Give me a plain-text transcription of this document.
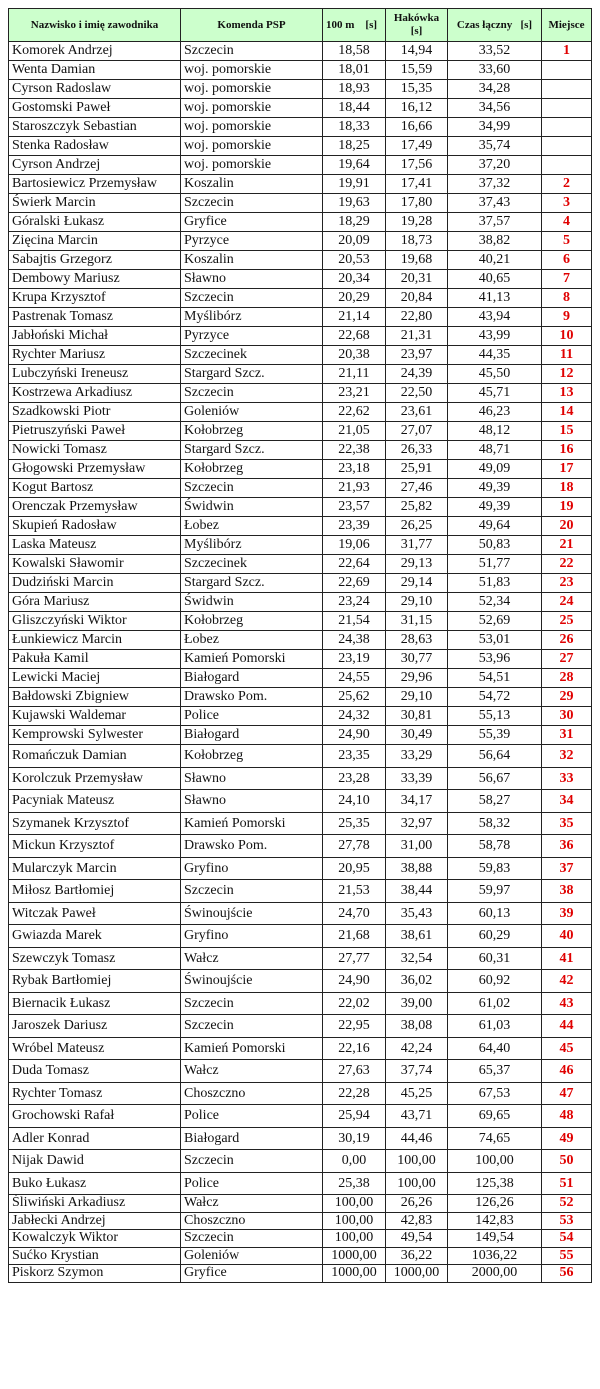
Nazwisko i imię zawodnika	Komenda PSP	100 m    [s]	Hakówka [s]	Czas łączny   [s]	Miejsce
Komorek Andrzej	Szczecin	18,58	14,94	33,52	1
Wenta Damian	woj. pomorskie	18,01	15,59	33,60	
Cyrson Radoslaw	woj. pomorskie	18,93	15,35	34,28	
Gostomski Paweł	woj. pomorskie	18,44	16,12	34,56	
Staroszczyk Sebastian	woj. pomorskie	18,33	16,66	34,99	
Stenka Radosław	woj. pomorskie	18,25	17,49	35,74	
Cyrson Andrzej	woj. pomorskie	19,64	17,56	37,20	
Bartosiewicz Przemysław	Koszalin	19,91	17,41	37,32	2
Świerk Marcin	Szczecin	19,63	17,80	37,43	3
Góralski Łukasz	Gryfice	18,29	19,28	37,57	4
Zięcina Marcin	Pyrzyce	20,09	18,73	38,82	5
Sabajtis Grzegorz	Koszalin	20,53	19,68	40,21	6
Dembowy Mariusz	Sławno	20,34	20,31	40,65	7
Krupa Krzysztof	Szczecin	20,29	20,84	41,13	8
Pastrenak Tomasz	Myślibórz	21,14	22,80	43,94	9
Jabłoński Michał	Pyrzyce	22,68	21,31	43,99	10
Rychter Mariusz	Szczecinek	20,38	23,97	44,35	11
Lubczyński Ireneusz	Stargard Szcz.	21,11	24,39	45,50	12
Kostrzewa Arkadiusz	Szczecin	23,21	22,50	45,71	13
Szadkowski Piotr	Goleniów	22,62	23,61	46,23	14
Pietruszyński Paweł	Kołobrzeg	21,05	27,07	48,12	15
Nowicki Tomasz	Stargard Szcz.	22,38	26,33	48,71	16
Głogowski Przemysław	Kołobrzeg	23,18	25,91	49,09	17
Kogut Bartosz	Szczecin	21,93	27,46	49,39	18
Orenczak Przemysław	Świdwin	23,57	25,82	49,39	19
Skupień Radosław	Łobez	23,39	26,25	49,64	20
Laska Mateusz	Myślibórz	19,06	31,77	50,83	21
Kowalski Sławomir	Szczecinek	22,64	29,13	51,77	22
Dudziński Marcin	Stargard Szcz.	22,69	29,14	51,83	23
Góra Mariusz	Świdwin	23,24	29,10	52,34	24
Gliszczyński Wiktor	Kołobrzeg	21,54	31,15	52,69	25
Łunkiewicz Marcin	Łobez	24,38	28,63	53,01	26
Pakuła Kamil	Kamień Pomorski	23,19	30,77	53,96	27
Lewicki Maciej	Białogard	24,55	29,96	54,51	28
Bałdowski Zbigniew	Drawsko Pom.	25,62	29,10	54,72	29
Kujawski Waldemar	Police	24,32	30,81	55,13	30
Kemprowski Sylwester	Białogard	24,90	30,49	55,39	31
Romańczuk Damian	Kołobrzeg	23,35	33,29	56,64	32
Korolczuk Przemysław	Sławno	23,28	33,39	56,67	33
Pacyniak Mateusz	Sławno	24,10	34,17	58,27	34
Szymanek Krzysztof	Kamień Pomorski	25,35	32,97	58,32	35
Mickun Krzysztof	Drawsko Pom.	27,78	31,00	58,78	36
Mularczyk Marcin	Gryfino	20,95	38,88	59,83	37
Miłosz Bartłomiej	Szczecin	21,53	38,44	59,97	38
Witczak Paweł	Świnoujście	24,70	35,43	60,13	39
Gwiazda Marek	Gryfino	21,68	38,61	60,29	40
Szewczyk Tomasz	Wałcz	27,77	32,54	60,31	41
Rybak Bartłomiej	Świnoujście	24,90	36,02	60,92	42
Biernacik Łukasz	Szczecin	22,02	39,00	61,02	43
Jaroszek Dariusz	Szczecin	22,95	38,08	61,03	44
Wróbel Mateusz	Kamień Pomorski	22,16	42,24	64,40	45
Duda Tomasz	Wałcz	27,63	37,74	65,37	46
Rychter Tomasz	Choszczno	22,28	45,25	67,53	47
Grochowski Rafał	Police	25,94	43,71	69,65	48
Adler Konrad	Białogard	30,19	44,46	74,65	49
Nijak Dawid	Szczecin	0,00	100,00	100,00	50
Buko Łukasz	Police	25,38	100,00	125,38	51
Śliwiński Arkadiusz	Wałcz	100,00	26,26	126,26	52
Jabłecki Andrzej	Choszczno	100,00	42,83	142,83	53
Kowalczyk Wiktor	Szczecin	100,00	49,54	149,54	54
Sućko Krystian	Goleniów	1000,00	36,22	1036,22	55
Piskorz Szymon	Gryfice	1000,00	1000,00	2000,00	56
